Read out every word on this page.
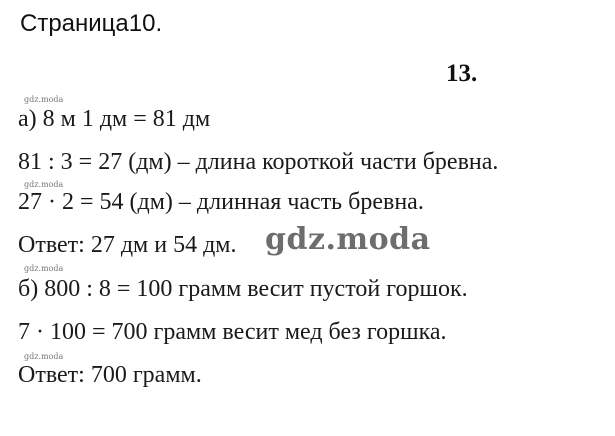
Страница10.
13.
gdz.moda
а) 8 м 1 дм = 81 дм
81 : 3 = 27 (дм) – длина короткой части бревна.
gdz.moda
27 · 2 = 54 (дм) – длинная часть бревна.
Ответ: 27 дм и 54 дм. gdz.moda
gdz.moda
б) 800 : 8 = 100 грамм весит пустой горшок.
7 · 100 = 700 грамм весит мед без горшка.
gdz.moda
Ответ: 700 грамм.
